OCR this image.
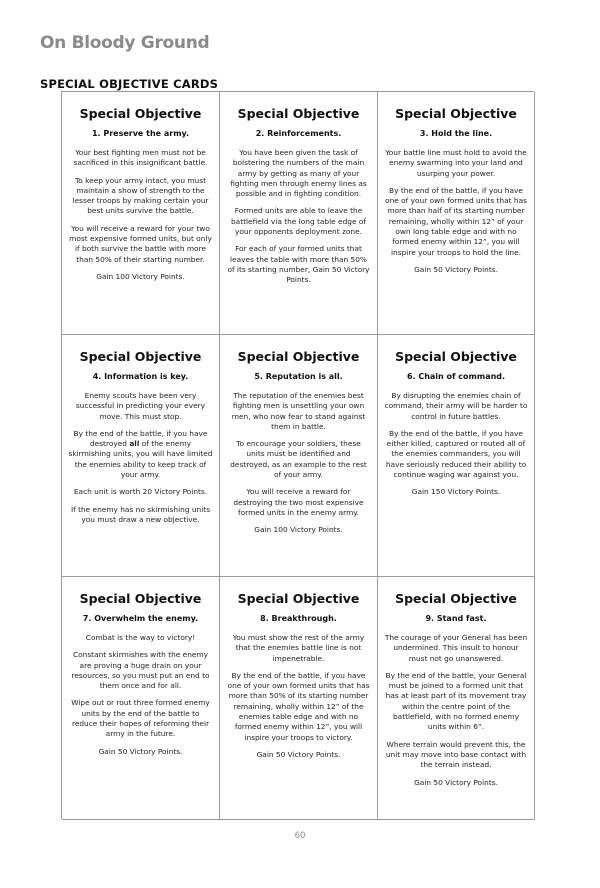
On Bloody Ground
SPECIAL OBJECTIVE CARDS
Special Objective
1. Preserve the army.

Your best fighting men must not be sacrificed in this insignificant battle.

To keep your army intact, you must maintain a show of strength to the lesser troops by making certain your best units survive the battle.

You will receive a reward for your two most expensive formed units, but only if both survive the battle with more than 50% of their starting number.

Gain 100 Victory Points.

Special Objective
2. Reinforcements.

You have been given the task of bolstering the numbers of the main army by getting as many of your fighting men through enemy lines as possible and in fighting condition.

Formed units are able to leave the battlefield via the long table edge of your opponents deployment zone.

For each of your formed units that leaves the table with more than 50% of its starting number, Gain 50 Victory Points.

Special Objective
3. Hold the line.

Your battle line must hold to avoid the enemy swarming into your land and usurping your power.

By the end of the battle, if you have one of your own formed units that has more than half of its starting number remaining, wholly within 12” of your own long table edge and with no formed enemy within 12”, you will inspire your troops to hold the line.

Gain 50 Victory Points.

Special Objective
4. Information is key.

Enemy scouts have been very successful in predicting your every move. This must stop.

By the end of the battle, if you have destroyed all of the enemy skirmishing units, you will have limited the enemies ability to keep track of your army.

Each unit is worth 20 Victory Points.

If the enemy has no skirmishing units you must draw a new objective.

Special Objective
5. Reputation is all.

The reputation of the enemies best fighting men is unsettling your own men, who now fear to stand against them in battle.

To encourage your soldiers, these units must be identified and destroyed, as an example to the rest of your army.

You will receive a reward for destroying the two most expensive formed units in the enemy army.

Gain 100 Victory Points.

Special Objective
6. Chain of command.

By disrupting the enemies chain of command, their army will be harder to control in future battles.

By the end of the battle, if you have either killed, captured or routed all of the enemies commanders, you will have seriously reduced their ability to continue waging war against you.

Gain 150 Victory Points.

Special Objective
7. Overwhelm the enemy.

Combat is the way to victory!

Constant skirmishes with the enemy are proving a huge drain on your resources, so you must put an end to them once and for all.

Wipe out or rout three formed enemy units by the end of the battle to reduce their hopes of reforming their army in the future.

Gain 50 Victory Points.

Special Objective
8. Breakthrough.

You must show the rest of the army that the enemies battle line is not impenetrable.

By the end of the battle, if you have one of your own formed units that has more than 50% of its starting number remaining, wholly within 12” of the enemies table edge and with no formed enemy within 12”, you will inspire your troops to victory.

Gain 50 Victory Points.

Special Objective
9. Stand fast.

The courage of your General has been undermined. This insult to honour must not go unanswered.

By the end of the battle, your General must be joined to a formed unit that has at least part of its movement tray within the centre point of the battlefield, with no formed enemy units within 6”.

Where terrain would prevent this, the unit may move into base contact with the terrain instead.

Gain 50 Victory Points.

60
